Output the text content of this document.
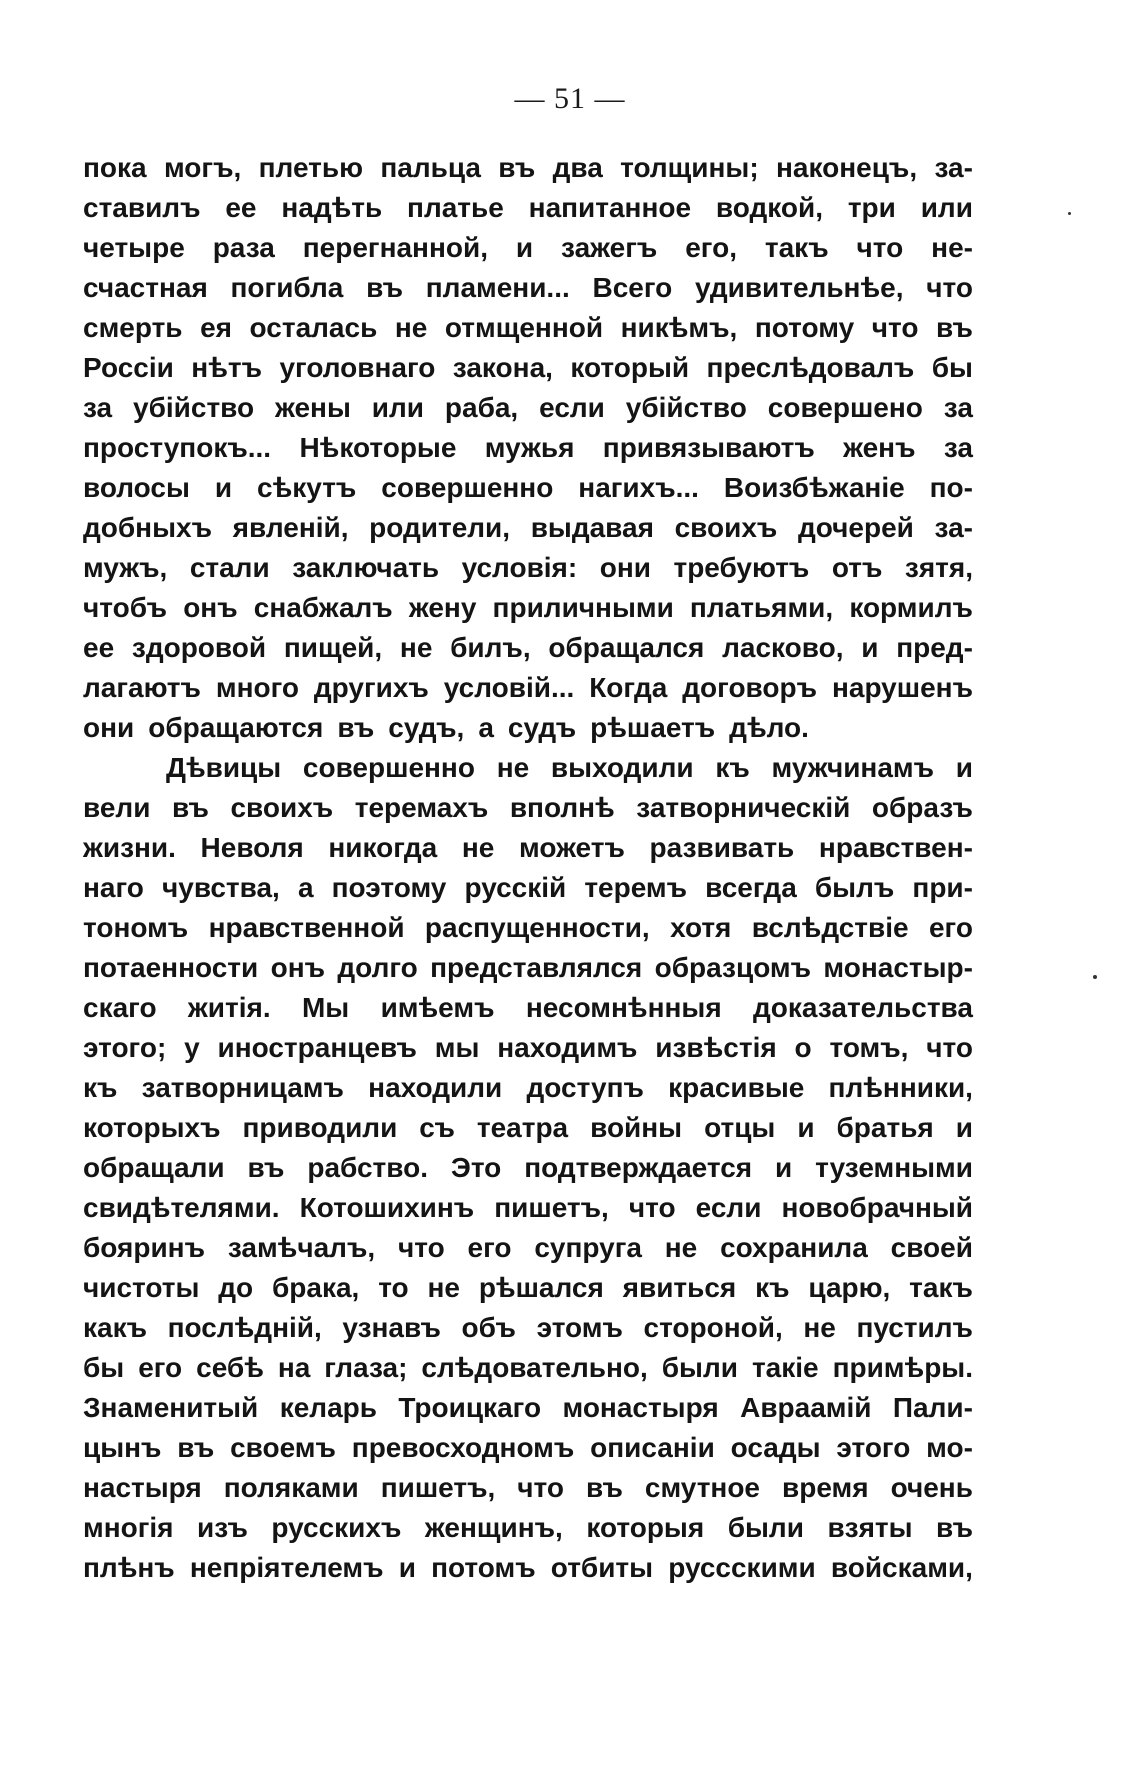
— 51 —
пока могъ, плетью пальца въ два толщины; наконецъ, за-
ставилъ ее надѣть платье напитанное водкой, три или
четыре раза перегнанной, и зажегъ его, такъ что не-
счастная погибла въ пламени... Всего удивительнѣе, что
смерть ея осталась не отмщенной никѣмъ, потому что въ
Россіи нѣтъ уголовнаго закона, который преслѣдовалъ бы
за убійство жены или раба, если убійство совершено за
проступокъ... Нѣкоторые мужья привязываютъ женъ за
волосы и сѣкутъ совершенно нагихъ... Воизбѣжаніе по-
добныхъ явленій, родители, выдавая своихъ дочерей за-
мужъ, стали заключать условія: они требуютъ отъ зятя,
чтобъ онъ снабжалъ жену приличными платьями, кормилъ
ее здоровой пищей, не билъ, обращался ласково, и пред-
лагаютъ много другихъ условій... Когда договоръ нарушенъ
они обращаются въ судъ, а судъ рѣшаетъ дѣло.
Дѣвицы совершенно не выходили къ мужчинамъ и
вели въ своихъ теремахъ вполнѣ затворническій образъ
жизни. Неволя никогда не можетъ развивать нравствен-
наго чувства, а поэтому русскій теремъ всегда былъ при-
тономъ нравственной распущенности, хотя вслѣдствіе его
потаенности онъ долго представлялся образцомъ монастыр-
скаго житія. Мы имѣемъ несомнѣнныя доказательства
этого; у иностранцевъ мы находимъ извѣстія о томъ, что
къ затворницамъ находили доступъ красивые плѣнники,
которыхъ приводили съ театра войны отцы и братья и
обращали въ рабство. Это подтверждается и туземными
свидѣтелями. Котошихинъ пишетъ, что если новобрачный
бояринъ замѣчалъ, что его супруга не сохранила своей
чистоты до брака, то не рѣшался явиться къ царю, такъ
какъ послѣдній, узнавъ объ этомъ стороной, не пустилъ
бы его себѣ на глаза; слѣдовательно, были такіе примѣры.
Знаменитый келарь Троицкаго монастыря Авраамій Пали-
цынъ въ своемъ превосходномъ описаніи осады этого мо-
настыря поляками пишетъ, что въ смутное время очень
многія изъ русскихъ женщинъ, которыя были взяты въ
плѣнъ непріятелемъ и потомъ отбиты руссскими войсками,
